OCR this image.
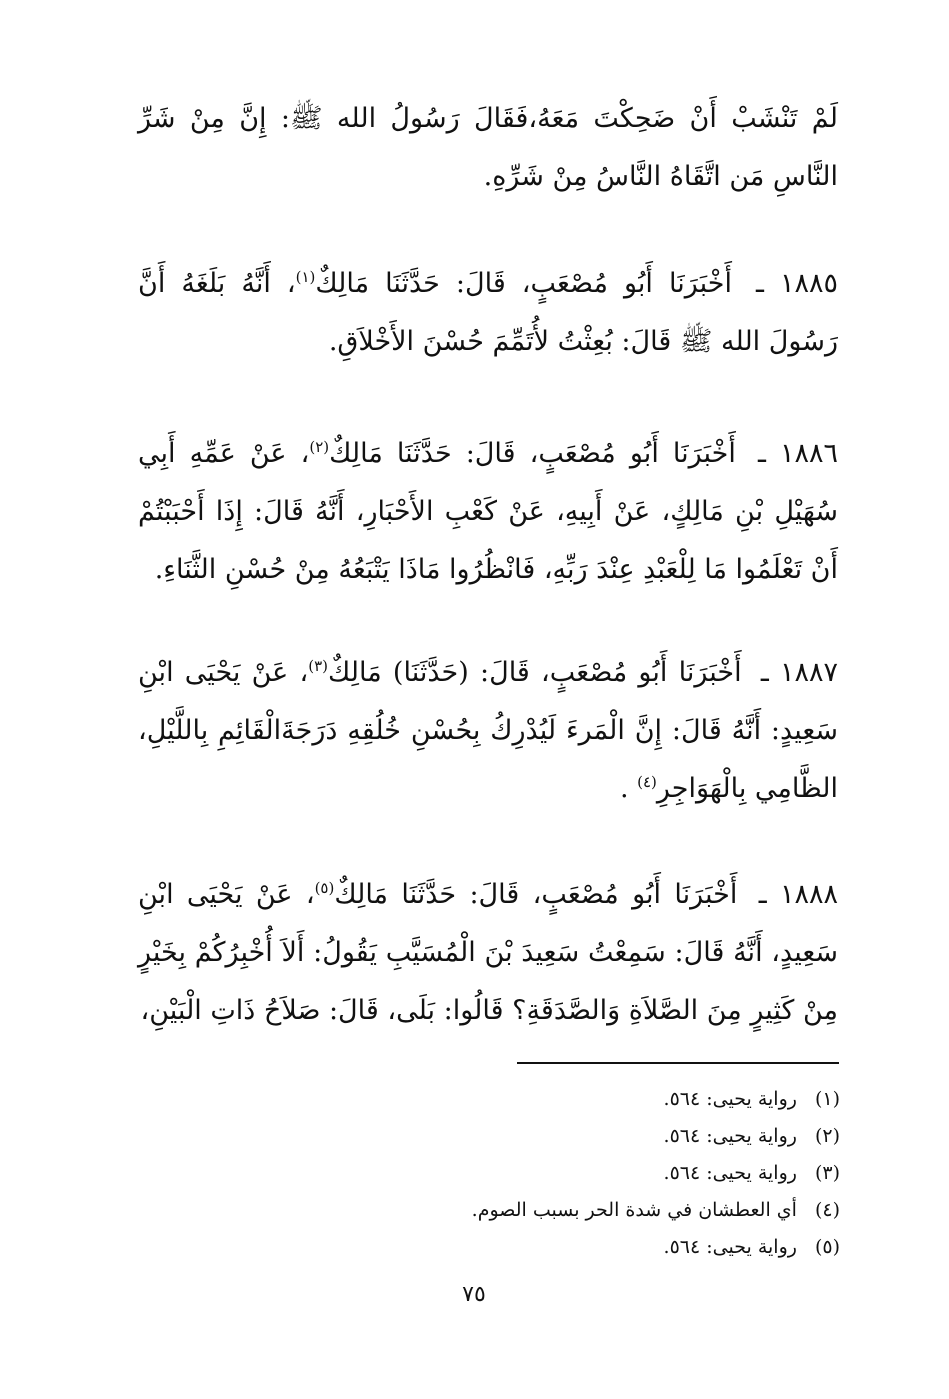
لَمْ تَنْشَبْ أَنْ ضَحِكْتَ مَعَهُ،فَقَالَ رَسُولُ الله ﷺ: إِنَّ مِنْ شَرِّ النَّاسِ مَن اتَّقَاهُ النَّاسُ مِنْ شَرِّهِ.

١٨٨٥ ـ أَخْبَرَنَا أَبُو مُصْعَبٍ، قَالَ: حَدَّثَنَا مَالِكٌ$^{(١)}$، أَنَّهُ بَلَغَهُ أَنَّ رَسُولَ الله ﷺ قَالَ: بُعِثْتُ لأُتَمِّمَ حُسْنَ الأَخْلاَقِ.

١٨٨٦ ـ أَخْبَرَنَا أَبُو مُصْعَبٍ، قَالَ: حَدَّثَنَا مَالِكٌ$^{(٢)}$، عَنْ عَمِّهِ أَبِي سُهَيْلِ بْنِ مَالِكٍ، عَنْ أَبِيهِ، عَنْ كَعْبِ الأَحْبَارِ، أَنَّهُ قَالَ: إِذَا أَحْبَبْتُمْ أَنْ تَعْلَمُوا مَا لِلْعَبْدِ عِنْدَ رَبِّهِ، فَانْظُرُوا مَاذَا يَتْبَعُهُ مِنْ حُسْنِ الثَّنَاءِ.

١٨٨٧ ـ أَخْبَرَنَا أَبُو مُصْعَبٍ، قَالَ: (حَدَّثَنَا) مَالِكٌ$^{(٣)}$، عَنْ يَحْيَى ابْنِ سَعِيدٍ: أَنَّهُ قَالَ: إِنَّ الْمَرءَ لَيُدْرِكُ بِحُسْنِ خُلُقِهِ دَرَجَةَالْقَائِمِ بِاللَّيْلِ، الظَّامِي بِالْهَوَاجِرِ$^{(٤)}$ .

١٨٨٨ ـ أَخْبَرَنَا أَبُو مُصْعَبٍ، قَالَ: حَدَّثَنَا مَالِكٌ$^{(٥)}$، عَنْ يَحْيَى ابْنِ سَعِيدٍ، أَنَّهُ قَالَ: سَمِعْتُ سَعِيدَ بْنَ الْمُسَيَّبِ يَقُولُ: أَلاَ أُخْبِرُكُمْ بِخَيْرٍ مِنْ كَثِيرٍ مِنَ الصَّلاَةِ وَالصَّدَقَةِ؟ قَالُوا: بَلَى، قَالَ: صَلاَحُ ذَاتِ الْبَيْنِ،

(١)رواية يحيى: ٥٦٤.
(٢)رواية يحيى: ٥٦٤.
(٣)رواية يحيى: ٥٦٤.
(٤)أي العطشان في شدة الحر بسبب الصوم.
(٥)رواية يحيى: ٥٦٤.
٧٥
